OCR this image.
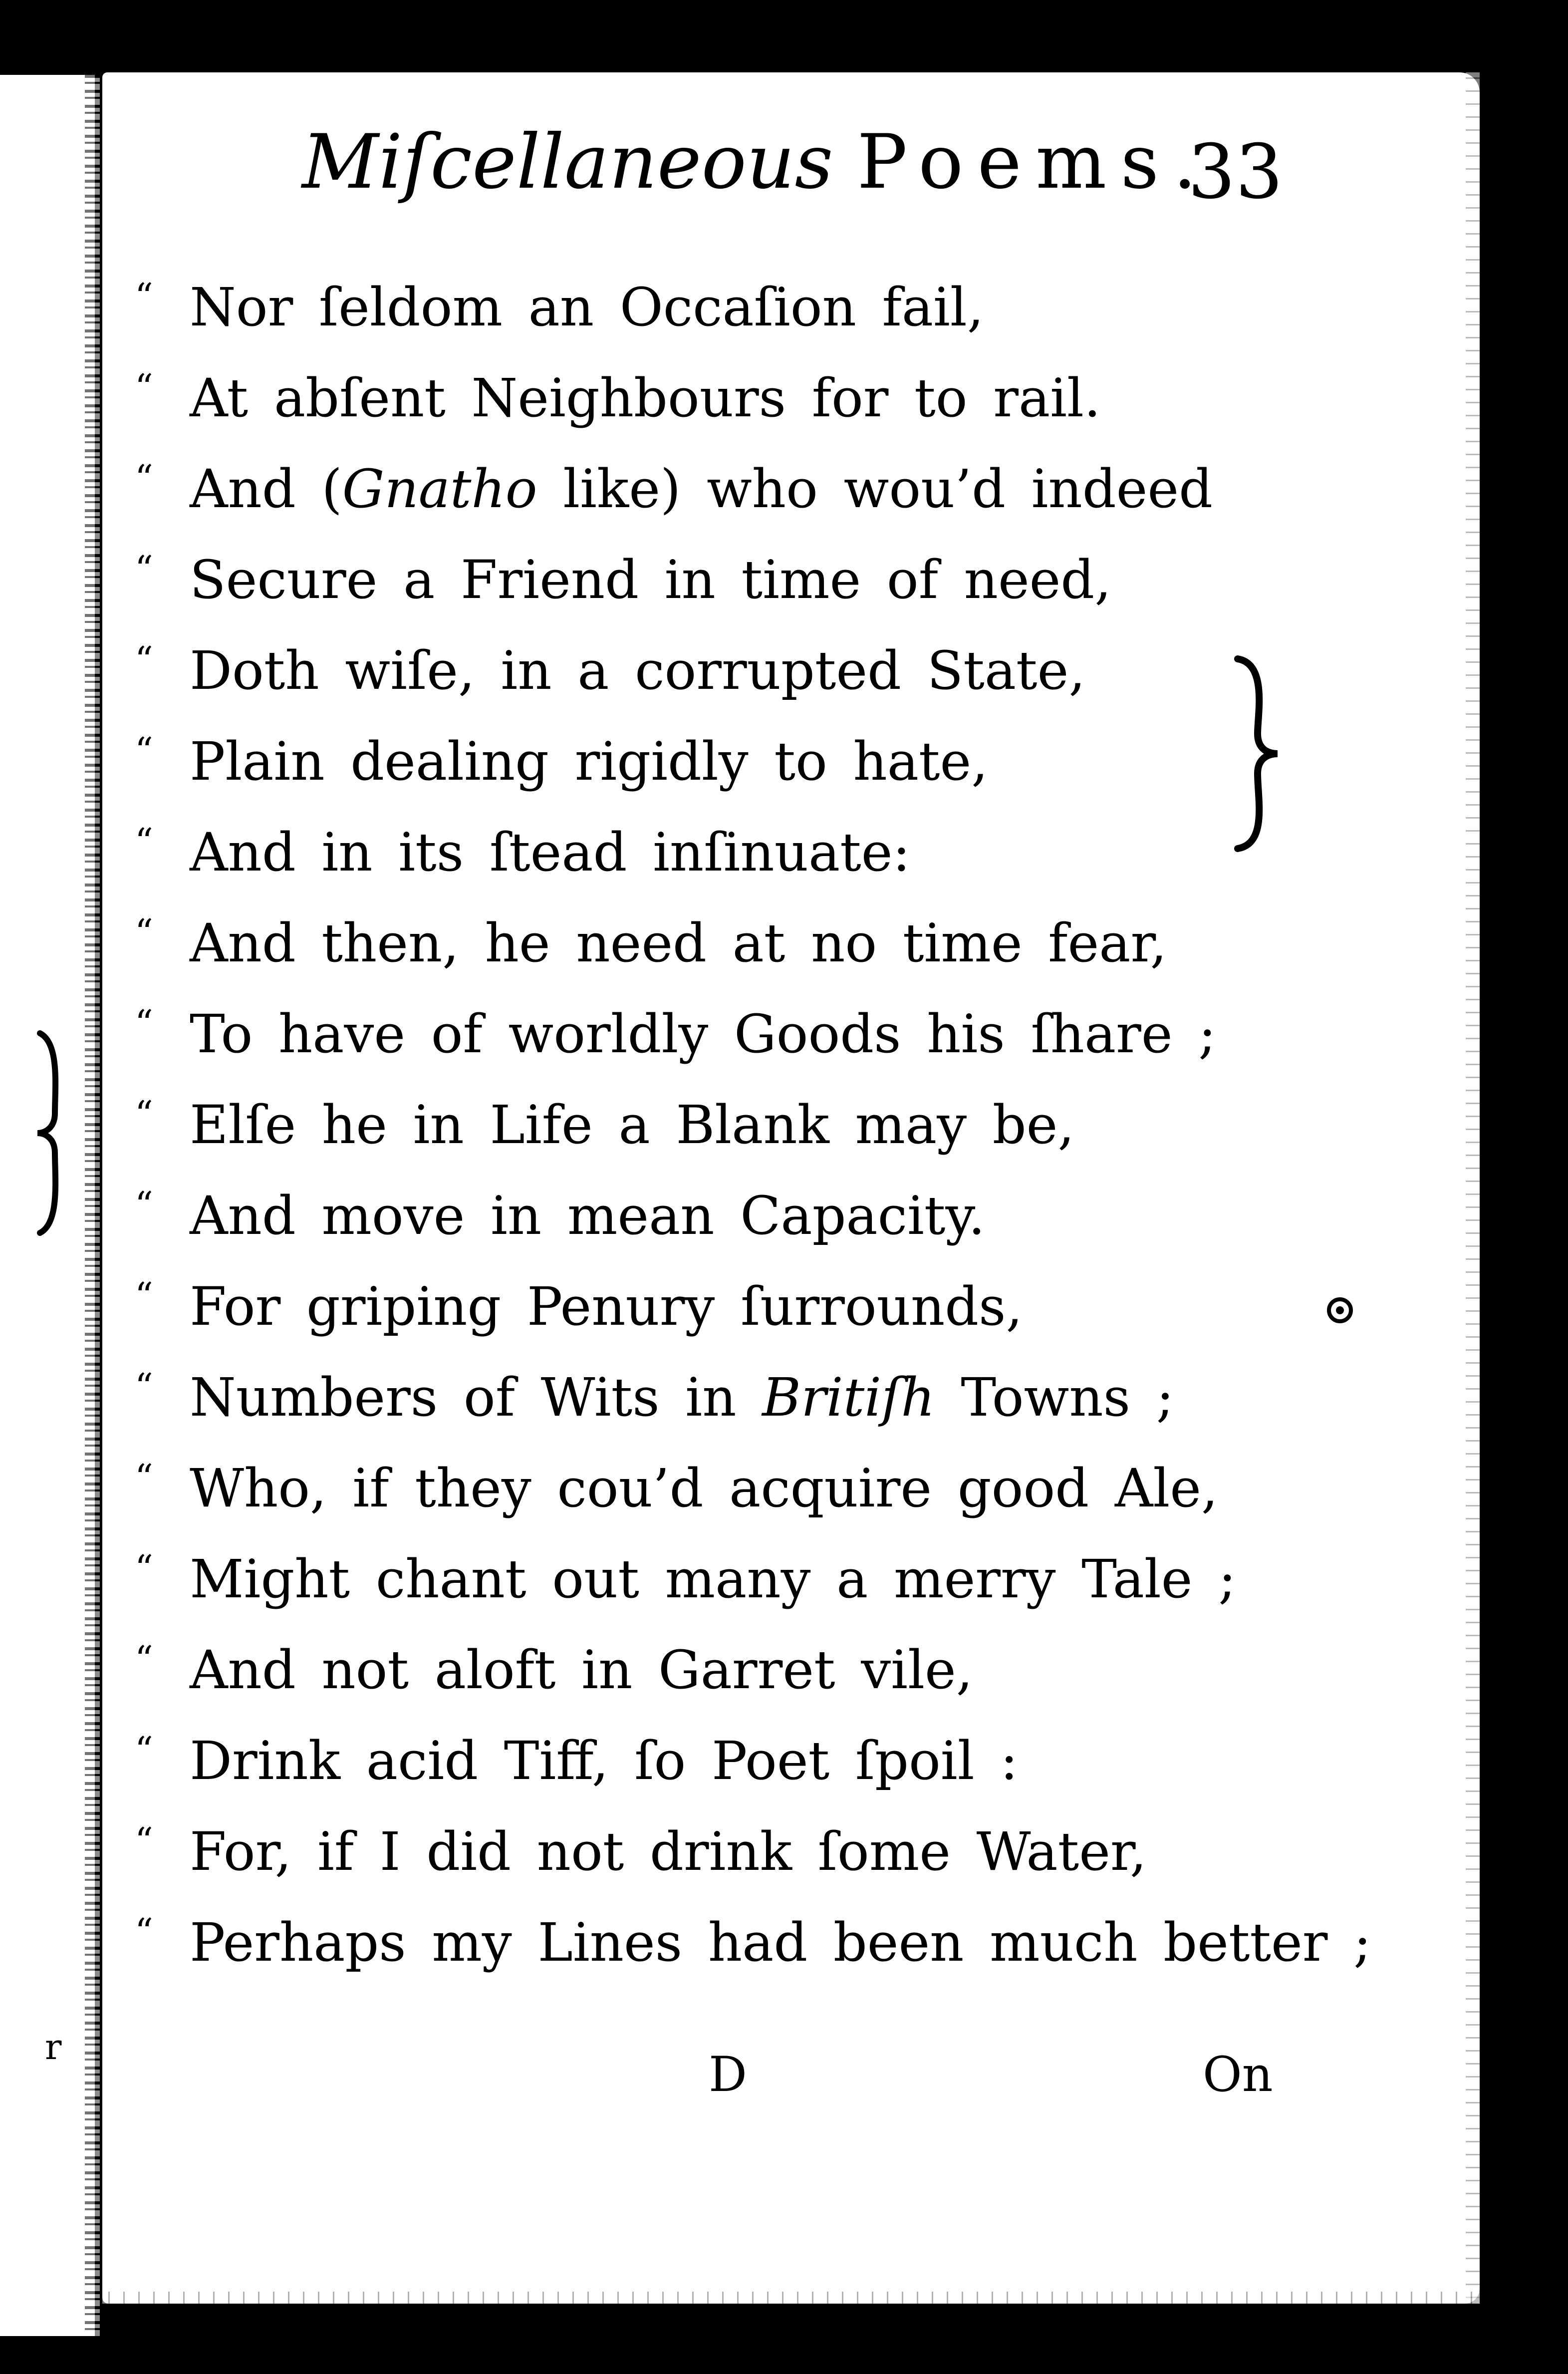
r
Miſcellaneous Poems.
33
“ Nor ſeldom an Occaſion fail,
“ At abſent Neighbours for to rail.
“ And (Gnatho like) who wou’d indeed
“ Secure a Friend in time of need,
“ Doth wiſe, in a corrupted State,
“ Plain dealing rigidly to hate,
“ And in its ſtead inſinuate:
“ And then, he need at no time fear,
“ To have of worldly Goods his ſhare ;
“ Elſe he in Life a Blank may be,
“ And move in mean Capacity.
“ For griping Penury ſurrounds,
“ Numbers of Wits in Britiſh Towns ;
“ Who, if they cou’d acquire good Ale,
“ Might chant out many a merry Tale ;
“ And not aloft in Garret vile,
“ Drink acid Tiff, ſo Poet ſpoil :
“ For, if I did not drink ſome Water,
“ Perhaps my Lines had been much better ;
D	On
